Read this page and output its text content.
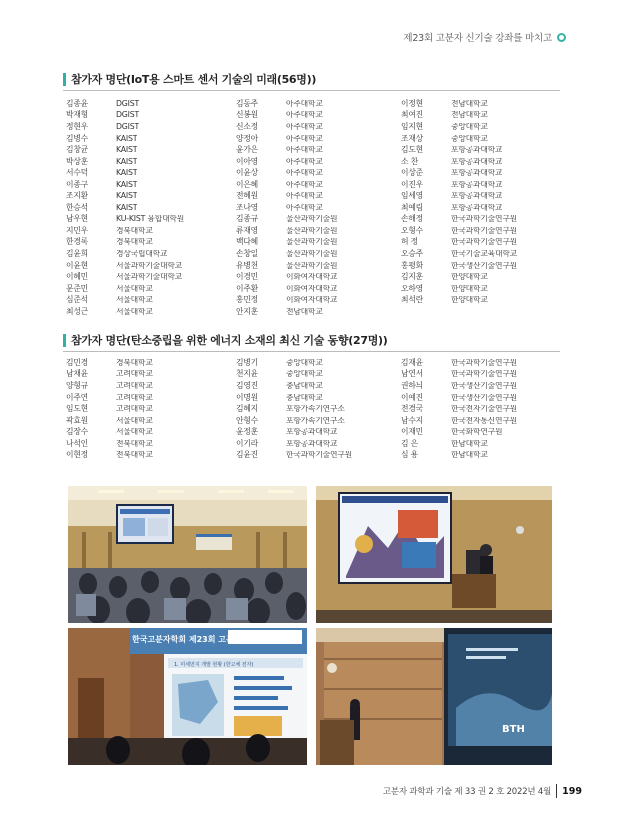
제23회 고분자 신기술 강좌를 마치고
참가자 명단(IoT용 스마트 센서 기술의 미래(56명))
김종윤	DGIST	김동주	아주대학교	이정현	전남대학교
박재형	DGIST	신봉원	아주대학교	최여진	전남대학교
정현우	DGIST	신소정	아주대학교	임지현	중앙대학교
김병수	KAIST	양정아	아주대학교	조재상	중앙대학교
김창균	KAIST	윤가은	아주대학교	김도현	포항공과대학교
박상훈	KAIST	이아영	아주대학교	소 찬	포항공과대학교
서수덕	KAIST	이윤상	아주대학교	이상준	포항공과대학교
이종구	KAIST	이은혜	아주대학교	이진우	포항공과대학교
조지환	KAIST	전혜원	아주대학교	임세영	포항공과대학교
한승석	KAIST	조나영	아주대학교	최예림	포항공과대학교
남우현	KU-KIST 융합대학원	김종규	울산과학기술원	손해정	한국과학기술연구원
지민우	경북대학교	류재영	울산과학기술원	오형수	한국과학기술연구원
한경록	경북대학교	백다혜	울산과학기술원	허 정	한국과학기술연구원
김윤희	경상국립대학교	손창일	울산과학기술원	오승주	한국기술교육대학교
이윤현	서울과학기술대학교	유병천	울산과학기술원	홍평화	한국생산기술연구원
이혜민	서울과학기술대학교	이경민	이화여자대학교	김지훈	한양대학교
문준민	서울대학교	이주환	이화여자대학교	오하영	한양대학교
심준석	서울대학교	홍민정	이화여자대학교	최석란	한양대학교
최성근	서울대학교	안지훈	전남대학교
참가자 명단(탄소중립을 위한 에너지 소재의 최신 기술 동향(27명))
김민경	경북대학교	김병기	중앙대학교	김재윤	한국과학기술연구원
남채윤	고려대학교	천지윤	중앙대학교	남연서	한국과학기술연구원
양형규	고려대학교	김영진	충남대학교	권하늬	한국생산기술연구원
이주연	고려대학교	이명원	충남대학교	이예진	한국생산기술연구원
임도현	고려대학교	김혜지	포항가속기연구소	전경국	한국전자기술연구원
곽효원	서울대학교	안형수	포항가속기연구소	남수지	한국전자통신연구원
김장수	서울대학교	윤정훈	포항공과대학교	이재민	한국화학연구원
나석인	전북대학교	이기라	포항공과대학교	김 은	한남대학교
이현정	전북대학교	김윤진	한국과학기술연구원	심 용	한남대학교
한국고분자학회 제23회 고분자 신기술
1. 미세먼지 개발 현황 (한고체 전자)
BTH
고분자 과학과 기술 제 33 권 2 호 2022년 4월 199
